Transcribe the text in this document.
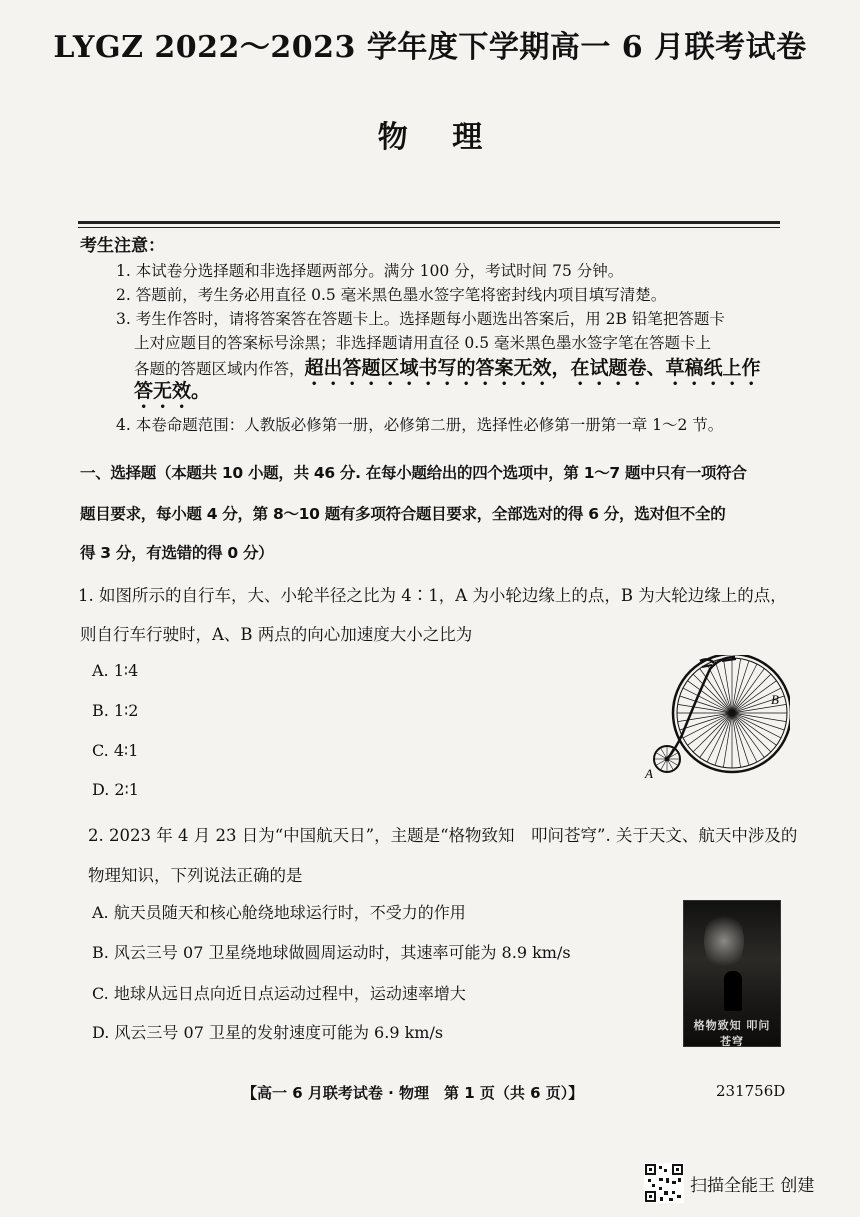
LYGZ 2022～2023 学年度下学期高一 6 月联考试卷
物 理
考生注意：
1. 本试卷分选择题和非选择题两部分。满分 100 分，考试时间 75 分钟。
2. 答题前，考生务必用直径 0.5 毫米黑色墨水签字笔将密封线内项目填写清楚。
3. 考生作答时，请将答案答在答题卡上。选择题每小题选出答案后，用 2B 铅笔把答题卡
上对应题目的答案标号涂黑；非选择题请用直径 0.5 毫米黑色墨水签字笔在答题卡上
各题的答题区域内作答，超出答题区域书写的答案无效，在试题卷、草稿纸上作
答无效。
4. 本卷命题范围：人教版必修第一册，必修第二册，选择性必修第一册第一章 1～2 节。
一、选择题（本题共 10 小题，共 46 分. 在每小题给出的四个选项中，第 1～7 题中只有一项符合
题目要求，每小题 4 分，第 8～10 题有多项符合题目要求，全部选对的得 6 分，选对但不全的
得 3 分，有选错的得 0 分）
1. 如图所示的自行车，大、小轮半径之比为 4∶1，A 为小轮边缘上的点，B 为大轮边缘上的点，
则自行车行驶时，A、B 两点的向心加速度大小之比为
A. 1∶4
B. 1∶2
C. 4∶1
D. 2∶1
A
B
2. 2023 年 4 月 23 日为“中国航天日”，主题是“格物致知　叩问苍穹”. 关于天文、航天中涉及的
物理知识，下列说法正确的是
A. 航天员随天和核心舱绕地球运行时，不受力的作用
B. 风云三号 07 卫星绕地球做圆周运动时，其速率可能为 8.9 km/s
C. 地球从远日点向近日点运动过程中，运动速率增大
D. 风云三号 07 卫星的发射速度可能为 6.9 km/s	格物致知 叩问苍穹
【高一 6 月联考试卷 · 物理　第 1 页（共 6 页）】	231756D
扫描全能王 创建
